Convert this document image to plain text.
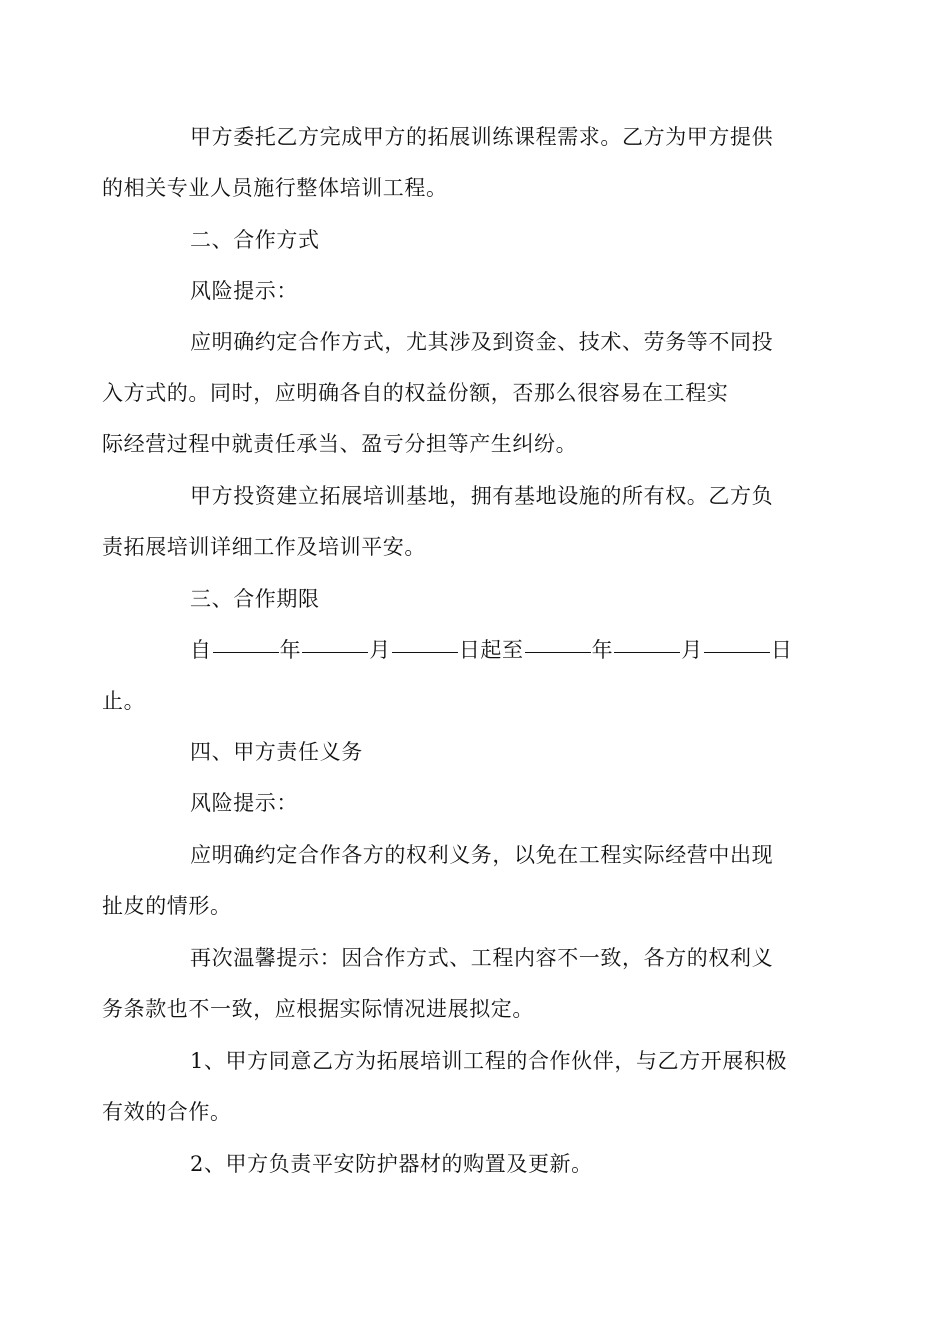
甲方委托乙方完成甲方的拓展训练课程需求。乙方为甲方提供
的相关专业人员施行整体培训工程。
二、合作方式
风险提示：
应明确约定合作方式，尤其涉及到资金、技术、劳务等不同投
入方式的。同时，应明确各自的权益份额，否那么很容易在工程实
际经营过程中就责任承当、盈亏分担等产生纠纷。
甲方投资建立拓展培训基地，拥有基地设施的所有权。乙方负
责拓展培训详细工作及培训平安。
三、合作期限
自	年	月	日起至	年	月	日
止。
四、甲方责任义务
风险提示：
应明确约定合作各方的权利义务，以免在工程实际经营中出现
扯皮的情形。
再次温馨提示：因合作方式、工程内容不一致，各方的权利义
务条款也不一致，应根据实际情况进展拟定。
1、甲方同意乙方为拓展培训工程的合作伙伴，与乙方开展积极
有效的合作。
2、甲方负责平安防护器材的购置及更新。
